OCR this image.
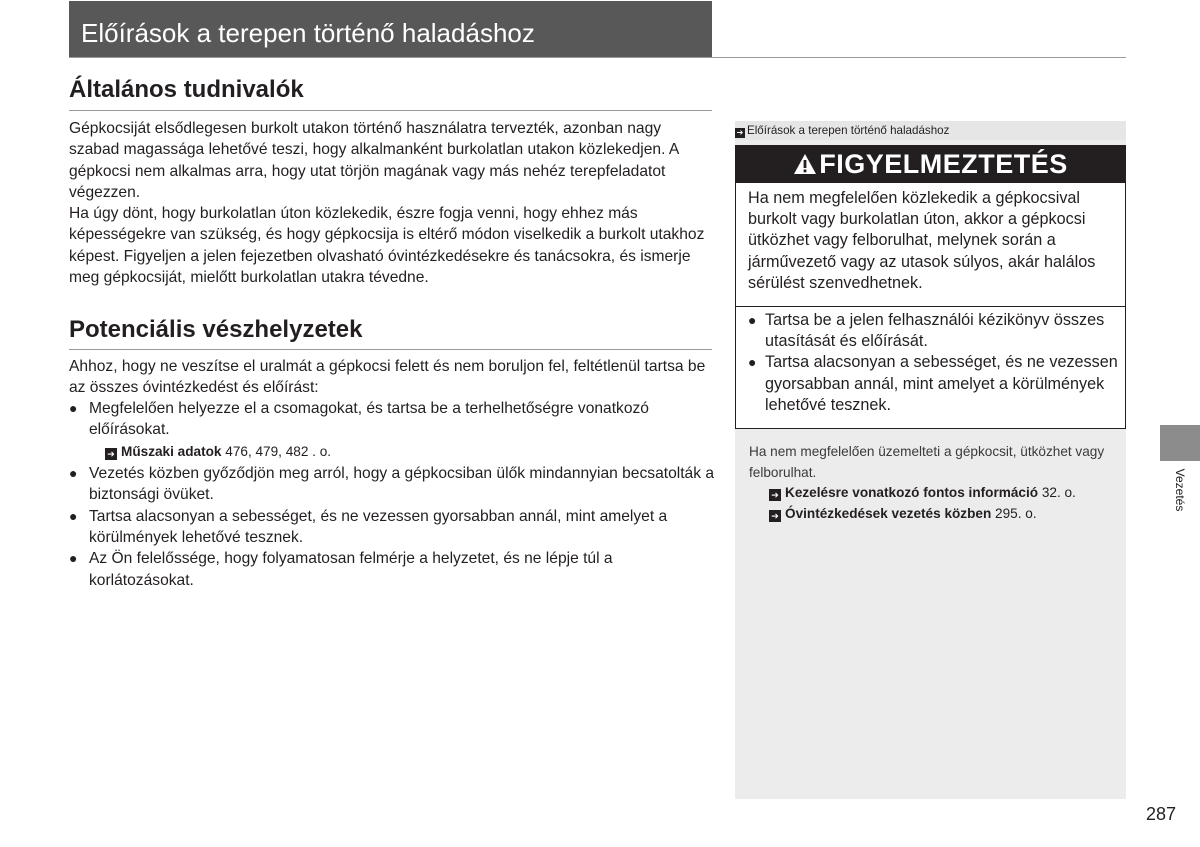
Előírások a terepen történő haladáshoz
Általános tudnivalók

Gépkocsiját elsődlegesen burkolt utakon történő használatra tervezték, azonban nagy szabad magassága lehetővé teszi, hogy alkalmanként burkolatlan utakon közlekedjen. A gépkocsi nem alkalmas arra, hogy utat törjön magának vagy más nehéz terepfeladatot végezzen.

Ha úgy dönt, hogy burkolatlan úton közlekedik, észre fogja venni, hogy ehhez más képességekre van szükség, és hogy gépkocsija is eltérő módon viselkedik a burkolt utakhoz képest. Figyeljen a jelen fejezetben olvasható óvintézkedésekre és tanácsokra, és ismerje meg gépkocsiját, mielőtt burkolatlan utakra tévedne.

Potenciális vészhelyzetek

Ahhoz, hogy ne veszítse el uralmát a gépkocsi felett és nem boruljon fel, feltétlenül tartsa be az összes óvintézkedést és előírást:

● Megfelelően helyezze el a csomagokat, és tartsa be a terhelhetőségre vonatkozó előírásokat.
➔ Műszaki adatok 476, 479, 482 . o.
● Vezetés közben győződjön meg arról, hogy a gépkocsiban ülők mindannyian becsatolták a biztonsági övüket.
● Tartsa alacsonyan a sebességet, és ne vezessen gyorsabban annál, mint amelyet a körülmények lehetővé tesznek.
● Az Ön felelőssége, hogy folyamatosan felmérje a helyzetet, és ne lépje túl a korlátozásokat.
➔ Előírások a terepen történő haladáshoz
FIGYELMEZTETÉS

Ha nem megfelelően közlekedik a gépkocsival burkolt vagy burkolatlan úton, akkor a gépkocsi ütközhet vagy felborulhat, melynek során a járművezető vagy az utasok súlyos, akár halálos sérülést szenvedhetnek.

● Tartsa be a jelen felhasználói kézikönyv összes utasítását és előírását.
● Tartsa alacsonyan a sebességet, és ne vezessen gyorsabban annál, mint amelyet a körülmények lehetővé tesznek.

Ha nem megfelelően üzemelteti a gépkocsit, ütközhet vagy felborulhat.

➔ Kezelésre vonatkozó fontos információ 32. o.
➔ Óvintézkedések vezetés közben 295. o.
Vezetés
287
